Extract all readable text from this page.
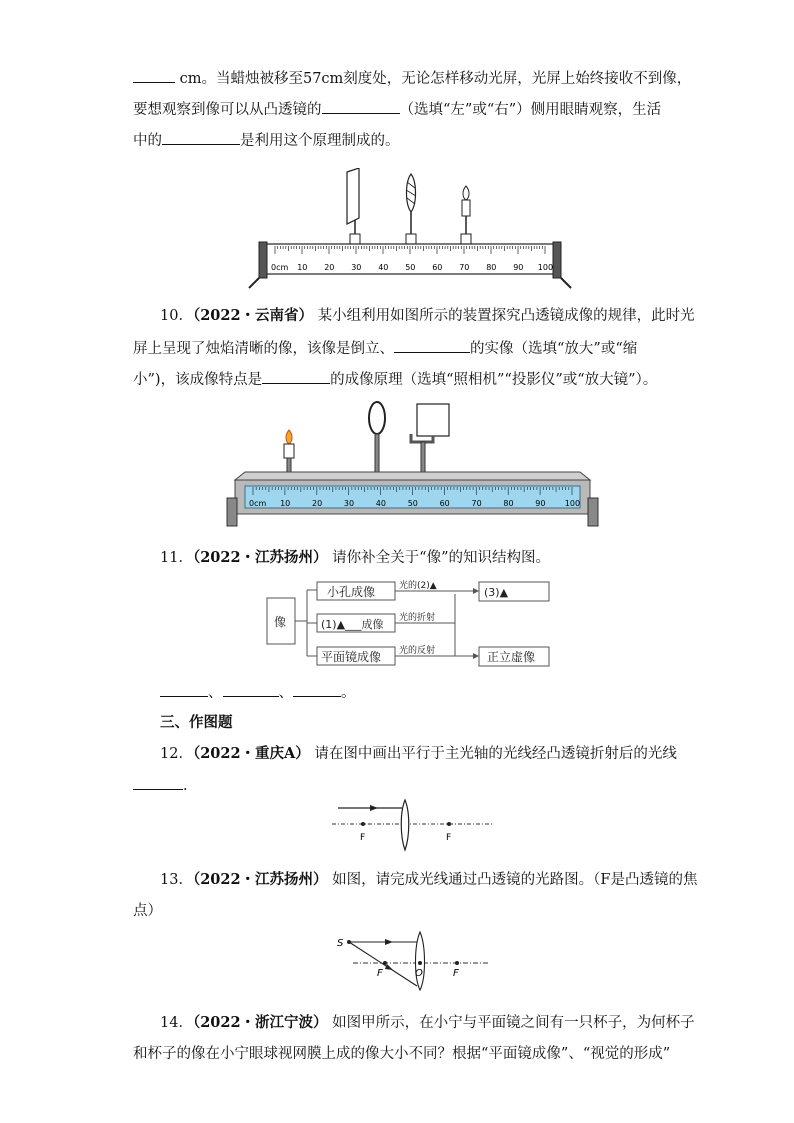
cm。当蜡烛被移至57cm刻度处，无论怎样移动光屏，光屏上始终接收不到像，
要想观察到像可以从凸透镜的	（选填“左”或“右”）侧用眼睛观察，生活
中的	是利用这个原理制成的。
0cm 10 20 30 40 50 60 70 80 90 100
10．（2022・云南省） 某小组利用如图所示的装置探究凸透镜成像的规律，此时光
屏上呈现了烛焰清晰的像，该像是倒立、	的实像（选填“放大”或“缩
小”)，该成像特点是	的成像原理（选填“照相机”“投影仪”或“放大镜”）。
0cm 10	20	30	40	50	60	70	80	90 100
11．（2022・江苏扬州） 请你补全关于“像”的知识结构图。
像
小孔成像
(1)▲___成像
平面镜成像
光的(2)▲
光的折射
光的反射
(3)▲
正立虚像
、	、	。
三、作图题
12．（2022・重庆A） 请在图中画出平行于主光轴的光线经凸透镜折射后的光线
.
F	F
13．（2022・江苏扬州） 如图，请完成光线通过凸透镜的光路图。（F是凸透镜的焦
点）
S
F	O	F
14．（2022・浙江宁波） 如图甲所示，在小宁与平面镜之间有一只杯子，为何杯子
和杯子的像在小宁眼球视网膜上成的像大小不同？根据“平面镜成像”、“视觉的形成”
